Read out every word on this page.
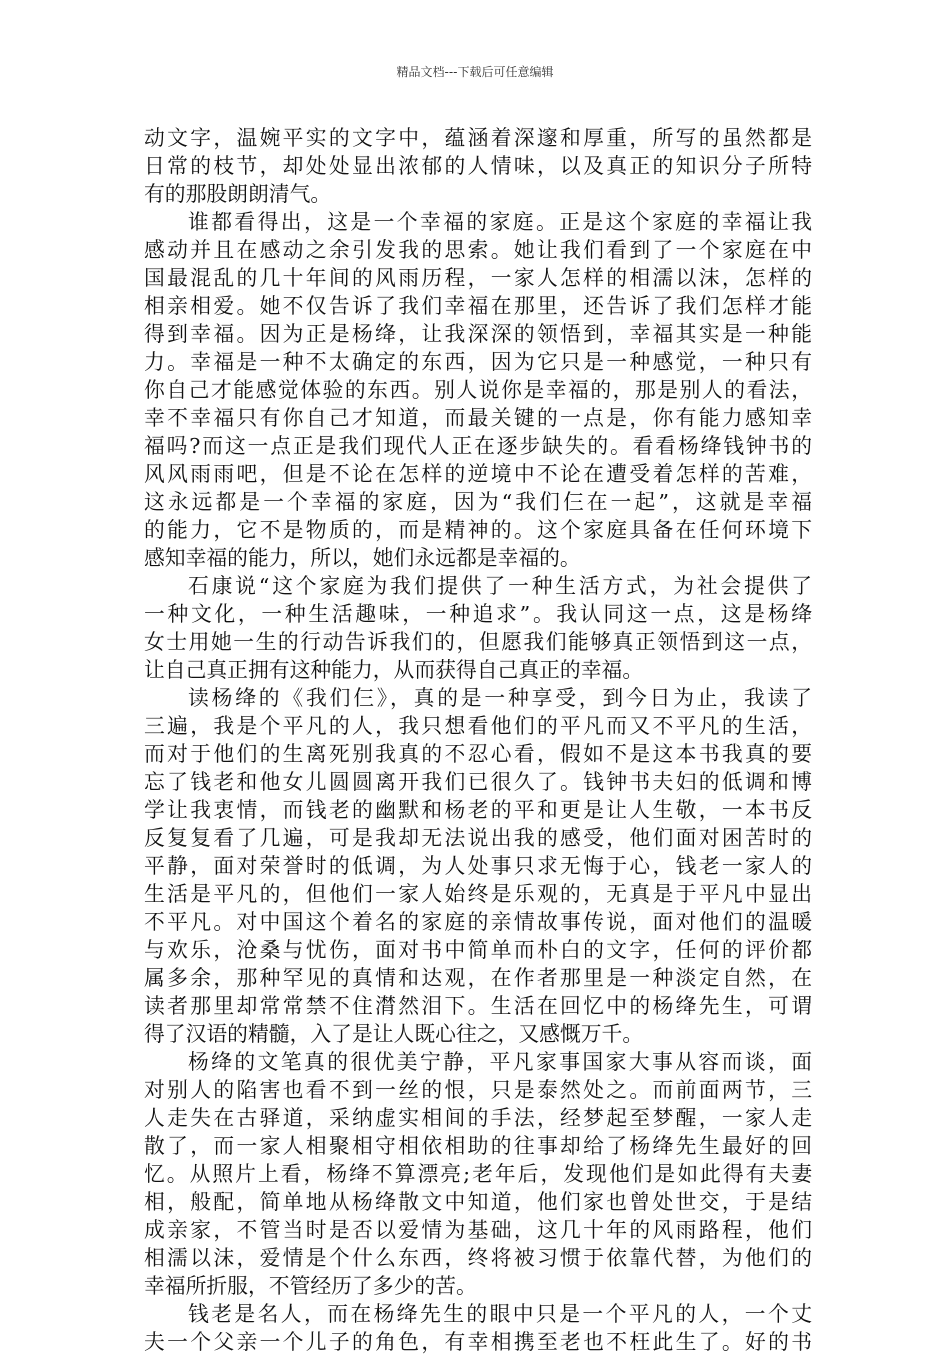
精品文档---下载后可任意编辑
动文字，温婉平实的文字中，蕴涵着深邃和厚重，所写的虽然都是
日常的枝节，却处处显出浓郁的人情味，以及真正的知识分子所特
有的那股朗朗清气。
谁都看得出，这是一个幸福的家庭。正是这个家庭的幸福让我
感动并且在感动之余引发我的思索。她让我们看到了一个家庭在中
国最混乱的几十年间的风雨历程，一家人怎样的相濡以沫，怎样的
相亲相爱。她不仅告诉了我们幸福在那里，还告诉了我们怎样才能
得到幸福。因为正是杨绛，让我深深的领悟到，幸福其实是一种能
力。幸福是一种不太确定的东西，因为它只是一种感觉，一种只有
你自己才能感觉体验的东西。别人说你是幸福的，那是别人的看法，
幸不幸福只有你自己才知道，而最关键的一点是，你有能力感知幸
福吗?而这一点正是我们现代人正在逐步缺失的。看看杨绛钱钟书的
风风雨雨吧，但是不论在怎样的逆境中不论在遭受着怎样的苦难，
这永远都是一个幸福的家庭，因为“我们仨在一起”，这就是幸福
的能力，它不是物质的，而是精神的。这个家庭具备在任何环境下
感知幸福的能力，所以，她们永远都是幸福的。
石康说“这个家庭为我们提供了一种生活方式，为社会提供了
一种文化，一种生活趣味，一种追求”。我认同这一点，这是杨绛
女士用她一生的行动告诉我们的，但愿我们能够真正领悟到这一点，
让自己真正拥有这种能力，从而获得自己真正的幸福。
读杨绛的《我们仨》，真的是一种享受，到今日为止，我读了
三遍，我是个平凡的人，我只想看他们的平凡而又不平凡的生活，
而对于他们的生离死别我真的不忍心看，假如不是这本书我真的要
忘了钱老和他女儿圆圆离开我们已很久了。钱钟书夫妇的低调和博
学让我衷情，而钱老的幽默和杨老的平和更是让人生敬，一本书反
反复复看了几遍，可是我却无法说出我的感受，他们面对困苦时的
平静，面对荣誉时的低调，为人处事只求无悔于心，钱老一家人的
生活是平凡的，但他们一家人始终是乐观的，无真是于平凡中显出
不平凡。对中国这个着名的家庭的亲情故事传说，面对他们的温暖
与欢乐，沧桑与忧伤，面对书中简单而朴白的文字，任何的评价都
属多余，那种罕见的真情和达观，在作者那里是一种淡定自然，在
读者那里却常常禁不住潸然泪下。生活在回忆中的杨绛先生，可谓
得了汉语的精髓，入了是让人既心往之，又感慨万千。
杨绛的文笔真的很优美宁静，平凡家事国家大事从容而谈，面
对别人的陷害也看不到一丝的恨，只是泰然处之。而前面两节，三
人走失在古驿道，采纳虚实相间的手法，经梦起至梦醒，一家人走
散了，而一家人相聚相守相依相助的往事却给了杨绛先生最好的回
忆。从照片上看，杨绛不算漂亮;老年后，发现他们是如此得有夫妻
相，般配，简单地从杨绛散文中知道，他们家也曾处世交，于是结
成亲家，不管当时是否以爱情为基础，这几十年的风雨路程，他们
相濡以沫，爱情是个什么东西，终将被习惯于依靠代替，为他们的
幸福所折服，不管经历了多少的苦。
钱老是名人，而在杨绛先生的眼中只是一个平凡的人，一个丈
夫一个父亲一个儿子的角色，有幸相携至老也不枉此生了。好的书
